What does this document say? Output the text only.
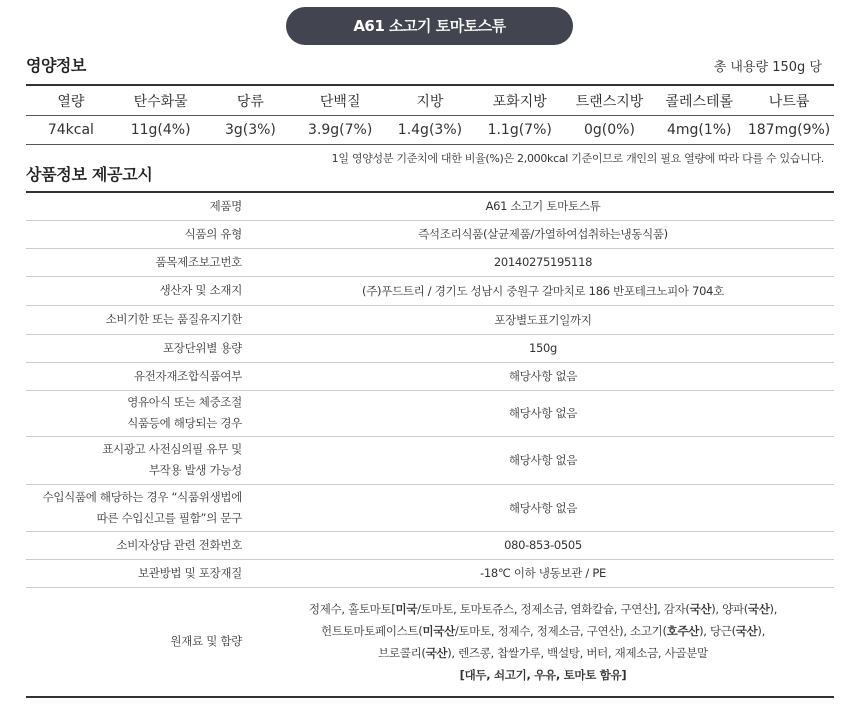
A61 소고기 토마토스튜
영양정보	총 내용량 150g 당
열량	탄수화물	당류	단백질	지방	포화지방	트랜스지방	콜레스테롤	나트륨
74kcal	11g(4%)	3g(3%)	3.9g(7%)	1.4g(3%)	1.1g(7%)	0g(0%)	4mg(1%)	187mg(9%)
1일 영양성분 기준치에 대한 비율(%)은 2,000kcal 기준이므로 개인의 필요 열량에 따라 다를 수 있습니다.
상품정보 제공고시
제품명	A61 소고기 토마토스튜

식품의 유형	즉석조리식품(살균제품/가열하여섭취하는냉동식품)

품목제조보고번호	20140275195118

생산자 및 소재지	(주)푸드트리 / 경기도 성남시 중원구 갈마치로 186 반포테크노피아 704호

소비기한 또는 품질유지기한	포장별도표기일까지

포장단위별 용량	150g

유전자재조합식품여부	해당사항 없음

영유아식 또는 체중조절
식품등에 해당되는 경우	해당사항 없음

표시광고 사전심의필 유무 및
부작용 발생 가능성	해당사항 없음

수입식품에 해당하는 경우 “식품위생법에
따른 수입신고를 필함”의 문구	해당사항 없음

소비자상담 관련 전화번호	080-853-0505

보관방법 및 포장재질	-18℃ 이하 냉동보관 / PE
원재료 및 함량	정제수, 홀토마토[미국/토마토, 토마토쥬스, 정제소금, 염화칼슘, 구연산], 감자(국산), 양파(국산),
헌트토마토페이스트(미국산/토마토, 정제수, 정제소금, 구연산), 소고기(호주산), 당근(국산),
브로콜리(국산), 렌즈콩, 찹쌀가루, 백설탕, 버터, 재제소금, 사골분말
[대두, 쇠고기, 우유, 토마토 함유]
